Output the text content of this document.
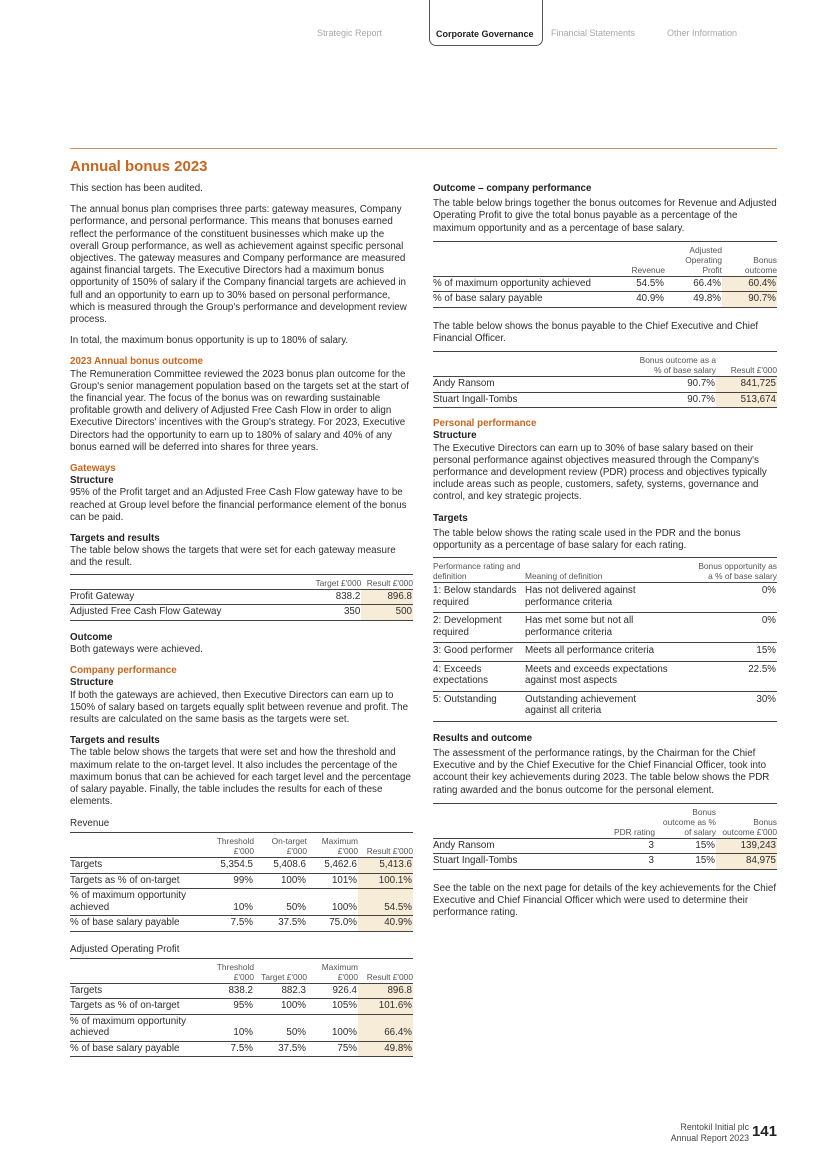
Strategic Report	Corporate Governance	Financial Statements	Other Information
Annual bonus 2023

This section has been audited.

The annual bonus plan comprises three parts: gateway measures, Company performance, and personal performance. This means that bonuses earned reflect the performance of the constituent businesses which make up the overall Group performance, as well as achievement against specific personal objectives. The gateway measures and Company performance are measured against financial targets. The Executive Directors had a maximum bonus opportunity of 150% of salary if the Company financial targets are achieved in full and an opportunity to earn up to 30% based on personal performance, which is measured through the Group's performance and development review process.

In total, the maximum bonus opportunity is up to 180% of salary.

2023 Annual bonus outcome

The Remuneration Committee reviewed the 2023 bonus plan outcome for the Group's senior management population based on the targets set at the start of the financial year. The focus of the bonus was on rewarding sustainable profitable growth and delivery of Adjusted Free Cash Flow in order to align Executive Directors' incentives with the Group's strategy. For 2023, Executive Directors had the opportunity to earn up to 180% of salary and 40% of any bonus earned will be deferred into shares for three years.

Gateways
Structure

95% of the Profit target and an Adjusted Free Cash Flow gateway have to be reached at Group level before the financial performance element of the bonus can be paid.

Targets and results

The table below shows the targets that were set for each gateway measure and the result.

	Target £'000	Result £'000
Profit Gateway	838.2	896.8
Adjusted Free Cash Flow Gateway	350	500
Outcome

Both gateways were achieved.

Company performance
Structure

If both the gateways are achieved, then Executive Directors can earn up to 150% of salary based on targets equally split between revenue and profit. The results are calculated on the same basis as the targets were set.

Targets and results

The table below shows the targets that were set and how the threshold and maximum relate to the on-target level. It also includes the percentage of the maximum bonus that can be achieved for each target level and the percentage of salary payable. Finally, the table includes the results for each of these elements.

Revenue
	Threshold £'000	On-target £'000	Maximum £'000	Result £'000
Targets	5,354.5	5,408.6	5,462.6	5,413.6
Targets as % of on-target	99%	100%	101%	100.1%
% of maximum opportunity achieved	10%	50%	100%	54.5%
% of base salary payable	7.5%	37.5%	75.0%	40.9%
Adjusted Operating Profit
	Threshold £'000	Target £'000	Maximum £'000	Result £'000
Targets	838.2	882.3	926.4	896.8
Targets as % of on-target	95%	100%	105%	101.6%
% of maximum opportunity achieved	10%	50%	100%	66.4%
% of base salary payable	7.5%	37.5%	75%	49.8%
Outcome – company performance

The table below brings together the bonus outcomes for Revenue and Adjusted Operating Profit to give the total bonus payable as a percentage of the maximum opportunity and as a percentage of base salary.

	Revenue	Adjusted Operating Profit	Bonus outcome
% of maximum opportunity achieved	54.5%	66.4%	60.4%
% of base salary payable	40.9%	49.8%	90.7%

The table below shows the bonus payable to the Chief Executive and Chief Financial Officer.

	Bonus outcome as a % of base salary	Result £'000
Andy Ransom	90.7%	841,725
Stuart Ingall-Tombs	90.7%	513,674
Personal performance
Structure

The Executive Directors can earn up to 30% of base salary based on their personal performance against objectives measured through the Company's performance and development review (PDR) process and objectives typically include areas such as people, customers, safety, systems, governance and control, and key strategic projects.

Targets

The table below shows the rating scale used in the PDR and the bonus opportunity as a percentage of base salary for each rating.

Performance rating and definition	Meaning of definition	Bonus opportunity as a % of base salary
1: Below standards required	Has not delivered against performance criteria	0%
2: Development required	Has met some but not all performance criteria	0%
3: Good performer	Meets all performance criteria	15%
4: Exceeds expectations	Meets and exceeds expectations against most aspects	22.5%
5: Outstanding	Outstanding achievement against all criteria	30%
Results and outcome

The assessment of the performance ratings, by the Chairman for the Chief Executive and by the Chief Executive for the Chief Financial Officer, took into account their key achievements during 2023. The table below shows the PDR rating awarded and the bonus outcome for the personal element.

	PDR rating	Bonus outcome as % of salary	Bonus outcome £'000
Andy Ransom	3	15%	139,243
Stuart Ingall-Tombs	3	15%	84,975

See the table on the next page for details of the key achievements for the Chief Executive and Chief Financial Officer which were used to determine their performance rating.

Rentokil Initial plc
Annual Report 2023 141
